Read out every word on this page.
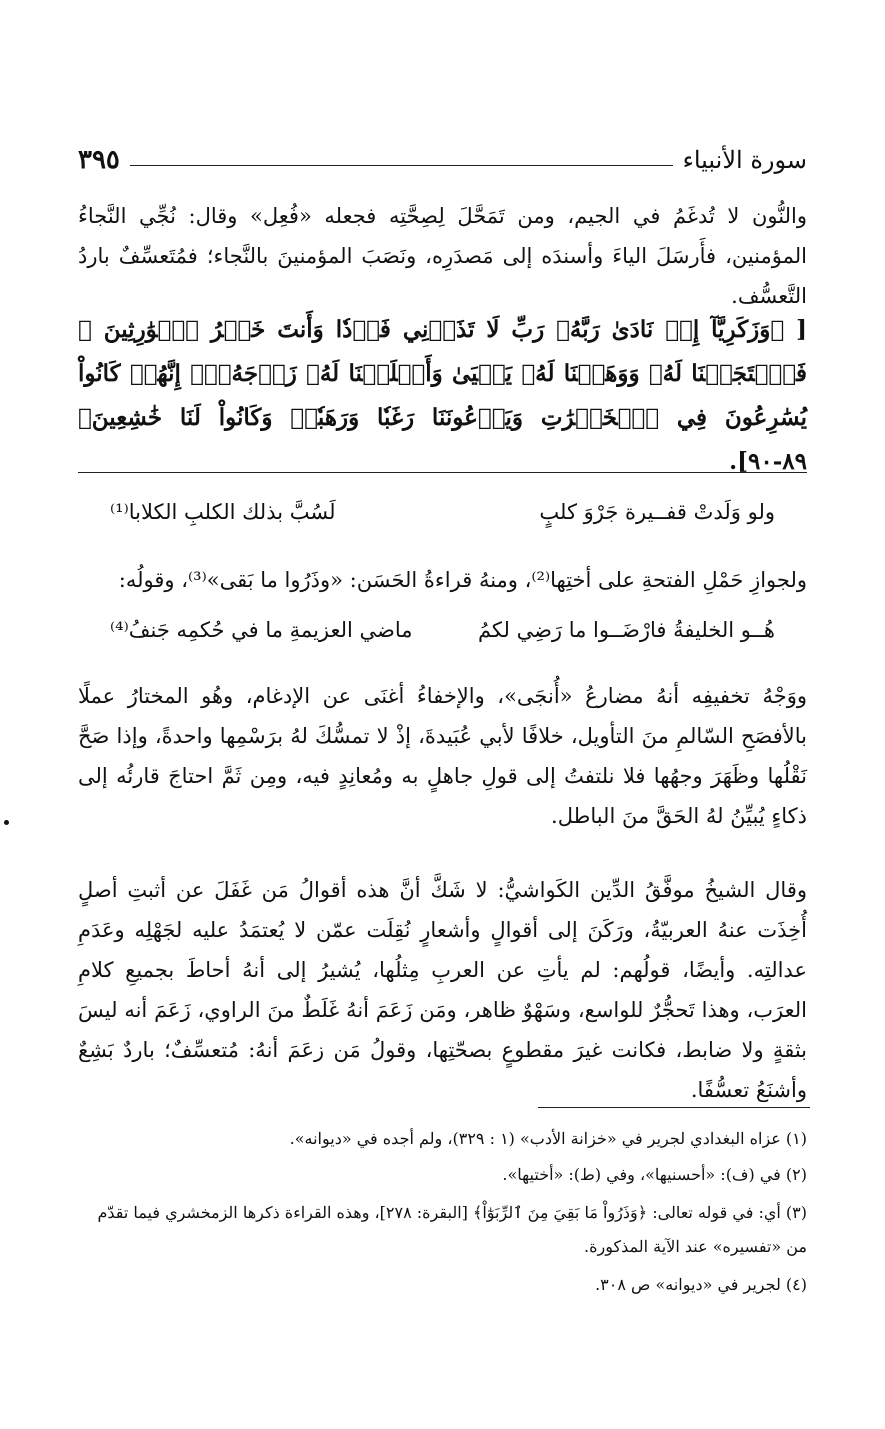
سورة الأنبياء
٣٩٥

والنُّون لا تُدغَمُ في الجيم، ومن تَمَحَّلَ لِصِحَّتِه فجعله «فُعِل» وقال: نُجِّي النَّجاءُ المؤمنين، فأَرسَلَ الياءَ وأسندَه إلى مَصدَرِه، ونَصَبَ المؤمنينَ بالنَّجاء؛ فمُتَعسِّفٌ باردُ التَّعسُّف.

[ ﴿وَزَكَرِيَّآ إِذۡ نَادَىٰ رَبَّهُۥ رَبِّ لَا تَذَرۡنِي فَرۡدٗا وَأَنتَ خَيۡرُ ٱلۡوَٰرِثِينَ ۞ فَٱسۡتَجَبۡنَا لَهُۥ وَوَهَبۡنَا لَهُۥ يَحۡيَىٰ وَأَصۡلَحۡنَا لَهُۥ زَوۡجَهُۥٓۚ إِنَّهُمۡ كَانُواْ يُسَٰرِعُونَ فِي ٱلۡخَيۡرَٰتِ وَيَدۡعُونَنَا رَغَبٗا وَرَهَبٗاۖ وَكَانُواْ لَنَا خَٰشِعِينَ﴾ ٨٩-٩٠].

ولو وَلَدتْ قفــيرة جَرْوَ كلبٍ
لَسُبَّ بذلك الكلبِ الكلابا⁽¹⁾

ولجوازِ حَمْلِ الفتحةِ على أختِها⁽²⁾، ومنهُ قراءةُ الحَسَن: «وذَرُوا ما بَقى»⁽³⁾، وقولُه:

هُــو الخليفةُ فارْضَــوا ما رَضِي لكمُ
ماضي العزيمةِ ما في حُكمِه جَنفُ⁽⁴⁾

ووَجْهُ تخفيفِه أنهُ مضارعُ «أُنجَى»، والإخفاءُ أغنَى عن الإدغام، وهُو المختارُ عملًا بالأفصَحِ السّالمِ منَ التأويل، خلافًا لأبي عُبَيدةَ، إذْ لا تمسُّكَ لهُ برَسْمِها واحدةً، وإذا صَحَّ نَقْلُها وظَهَرَ وجهُها فلا نلتفتُ إلى قولِ جاهلٍ به ومُعانِدٍ فيه، ومِن ثَمَّ احتاجَ قارئُه إلى ذكاءٍ يُبيِّنُ لهُ الحَقَّ منَ الباطل.

وقال الشيخُ موفَّقُ الدِّين الكَواشيُّ: لا شَكَّ أنَّ هذه أقوالُ مَن غَفَلَ عن أثبتِ أصلٍ أُخِذَت عنهُ العربيّةُ، ورَكَنَ إلى أقوالٍ وأشعارٍ نُقِلَت عمّن لا يُعتمَدُ عليه لجَهْلِه وعَدَمِ عدالتِه. وأيضًا، قولُهم: لم يأتِ عن العربِ مِثلُها، يُشيرُ إلى أنهُ أحاطَ بجميعِ كلامِ العرَب، وهذا تَحجُّرٌ للواسع، وسَهْوٌ ظاهر، ومَن زَعَمَ أنهُ غَلَطٌ منَ الراوي، زَعَمَ أنه ليسَ بثقةٍ ولا ضابط، فكانت غيرَ مقطوعٍ بصحّتِها، وقولُ مَن زعَمَ أنهُ: مُتعسِّفٌ؛ باردٌ بَشِعٌ وأشنَعُ تعسُّفًا.

(١) عزاه البغدادي لجرير في «خزانة الأدب» (١ : ٣٢٩)، ولم أجده في «ديوانه».

(٢) في (ف): «أحسنيها»، وفي (ط): «أختيها».

(٣) أي: في قوله تعالى: ﴿وَذَرُواْ مَا بَقِيَ مِنَ ٱلرِّبَوٰٓاْ﴾ [البقرة: ٢٧٨]، وهذه القراءة ذكرها الزمخشري فيما تقدّم من «تفسيره» عند الآية المذكورة.

(٤) لجرير في «ديوانه» ص ٣٠٨.
